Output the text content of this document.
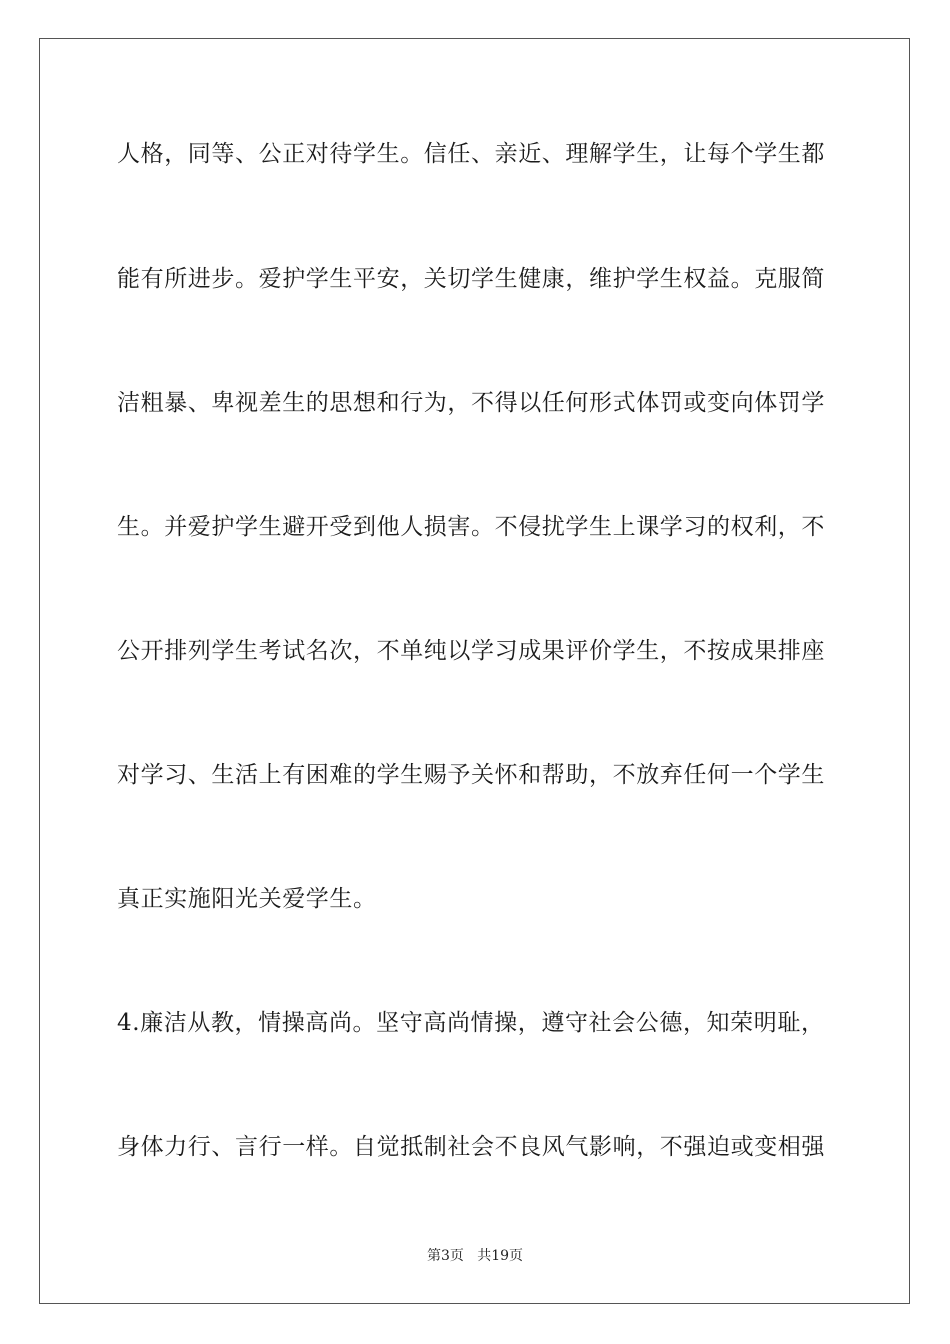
人格，同等、公正对待学生。信任、亲近、理解学生，让每个学生都
能有所进步。爱护学生平安，关切学生健康，维护学生权益。克服简
洁粗暴、卑视差生的思想和行为，不得以任何形式体罚或变向体罚学
生。并爱护学生避开受到他人损害。不侵扰学生上课学习的权利，不
公开排列学生考试名次，不单纯以学习成果评价学生，不按成果排座
对学习、生活上有困难的学生赐予关怀和帮助，不放弃任何一个学生
真正实施阳光关爱学生。
4.廉洁从教，情操高尚。坚守高尚情操，遵守社会公德，知荣明耻，
身体力行、言行一样。自觉抵制社会不良风气影响，不强迫或变相强
第3页   共19页
